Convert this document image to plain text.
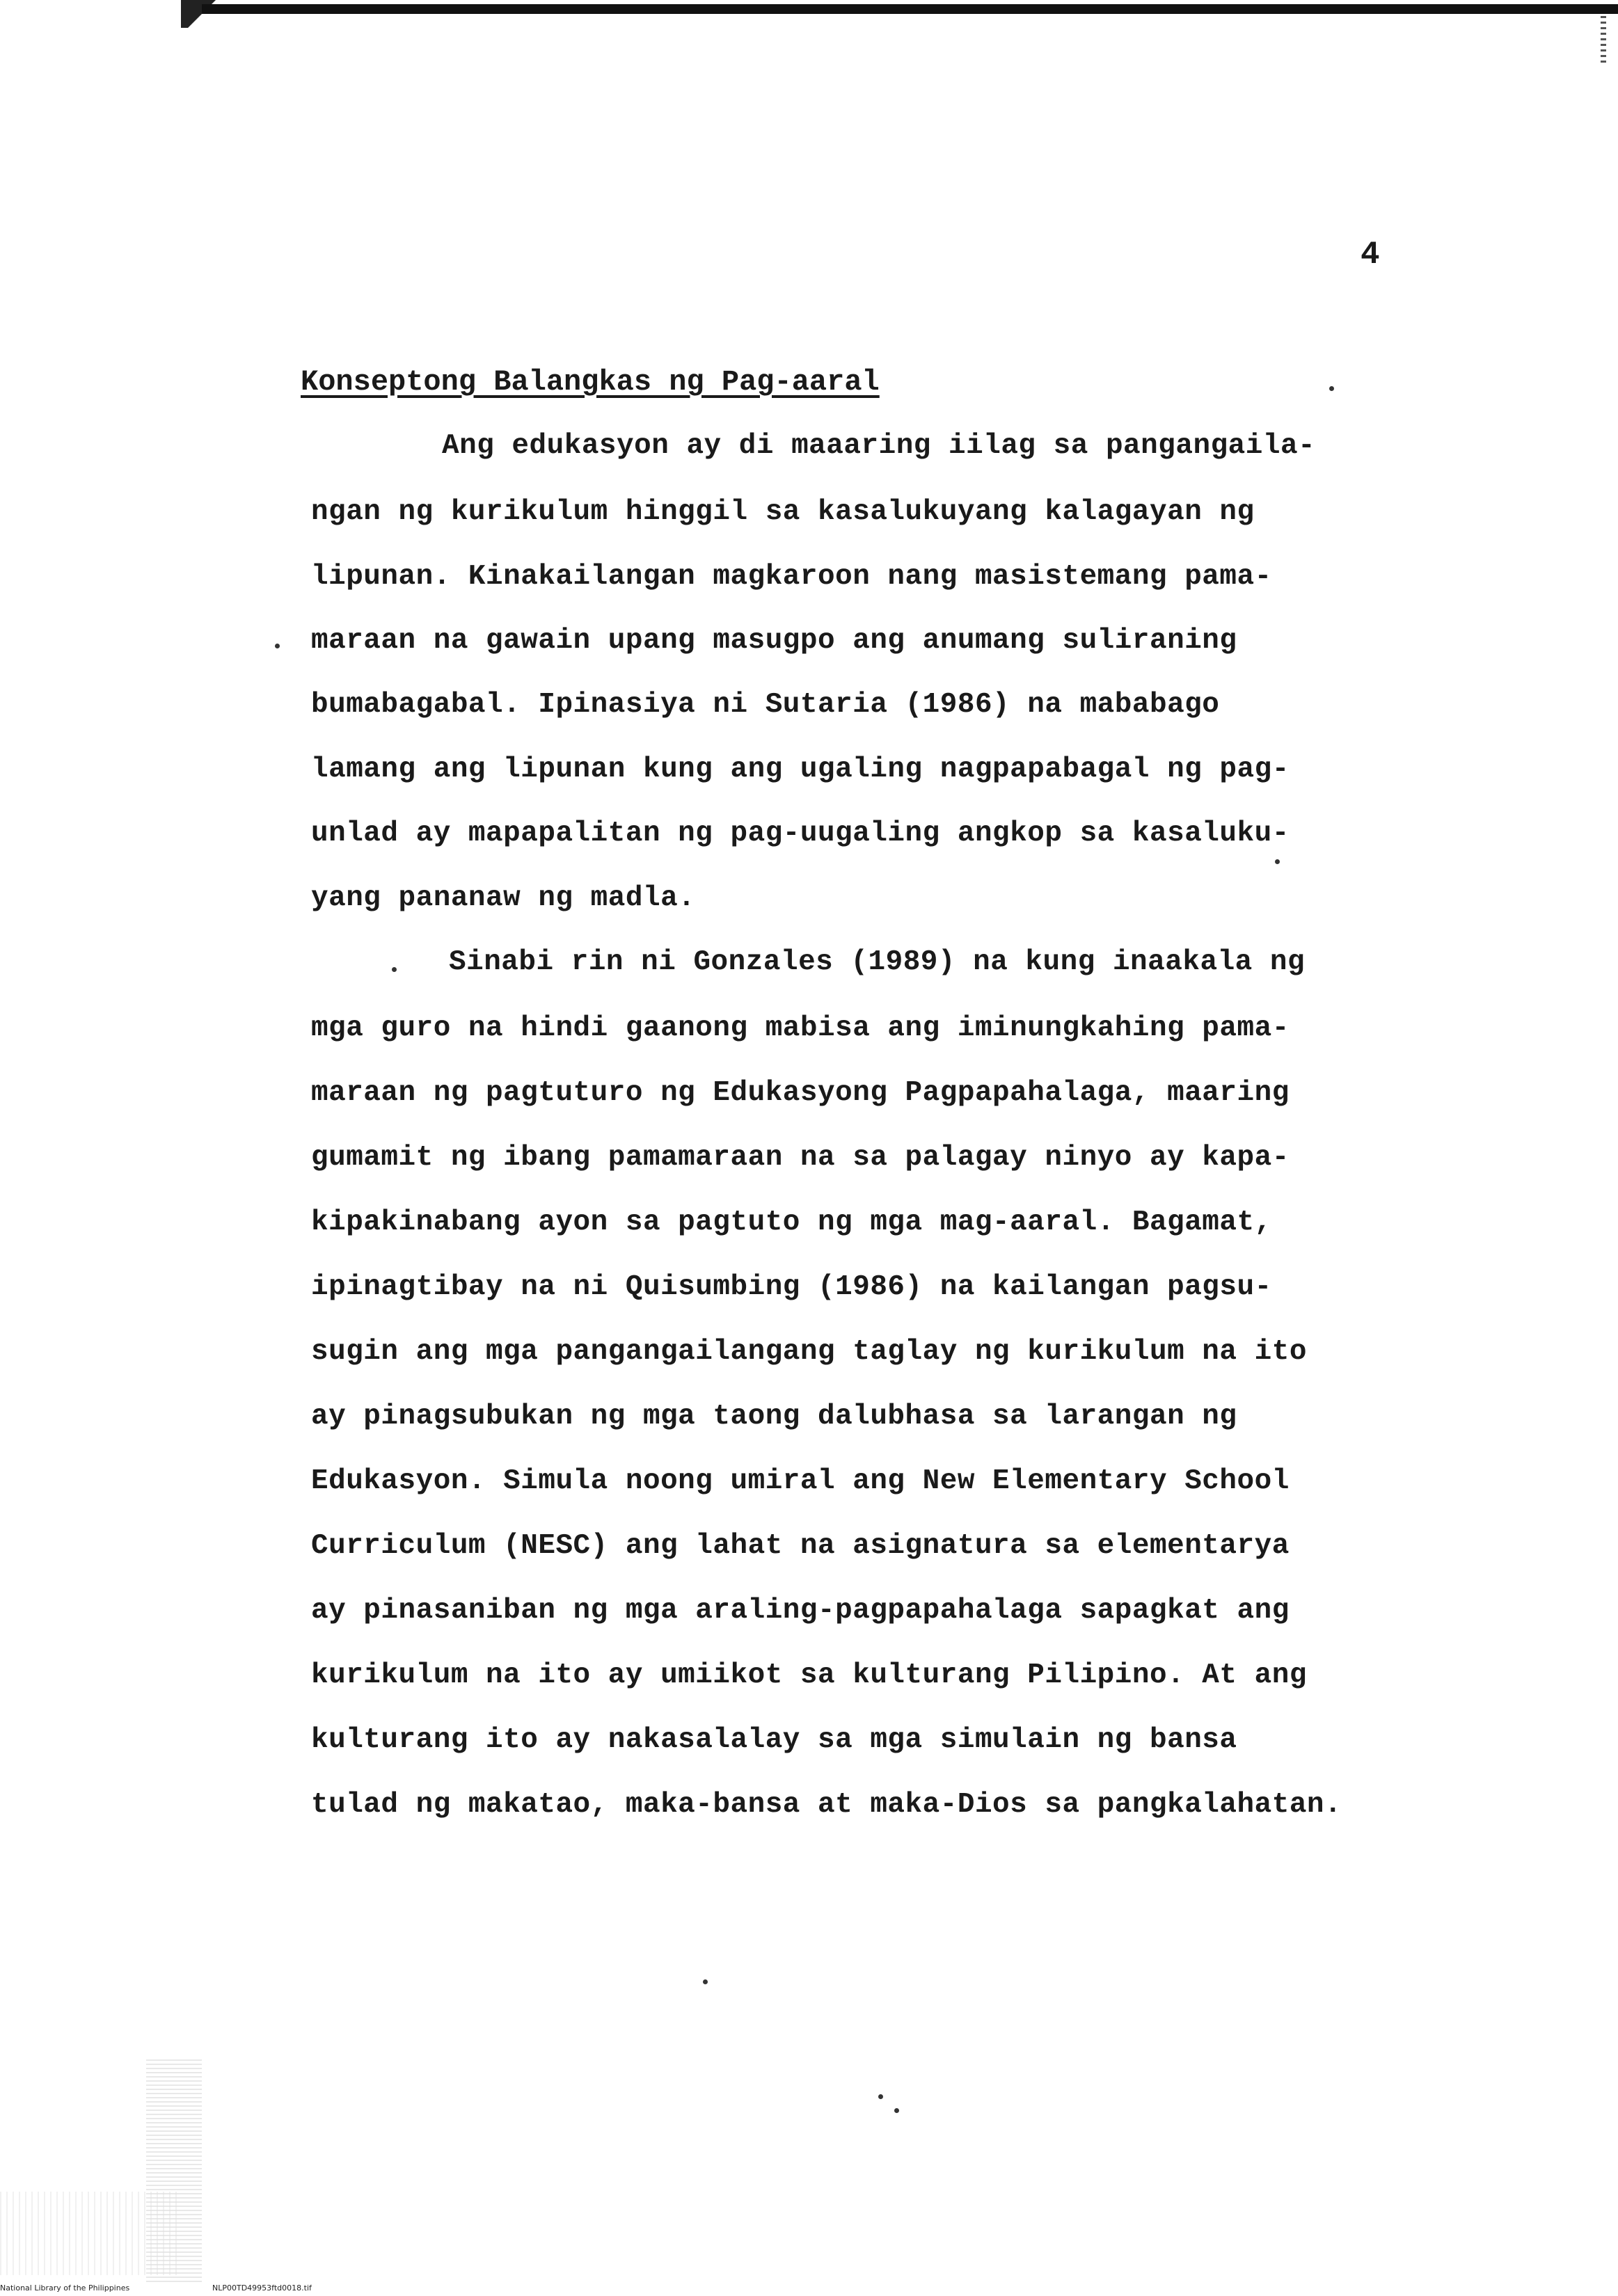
4
Konseptong Balangkas ng Pag-aaral
Ang edukasyon ay di maaaring iilag sa pangangaila-
ngan ng kurikulum hinggil sa kasalukuyang kalagayan ng
lipunan. Kinakailangan magkaroon nang masistemang pama-
maraan na gawain upang masugpo ang anumang suliraning
bumabagabal. Ipinasiya ni Sutaria (1986) na mababago
lamang ang lipunan kung ang ugaling nagpapabagal ng pag-
unlad ay mapapalitan ng pag-uugaling angkop sa kasaluku-
yang pananaw ng madla.
Sinabi rin ni Gonzales (1989) na kung inaakala ng
mga guro na hindi gaanong mabisa ang iminungkahing pama-
maraan ng pagtuturo ng Edukasyong Pagpapahalaga, maaring
gumamit ng ibang pamamaraan na sa palagay ninyo ay kapa-
kipakinabang ayon sa pagtuto ng mga mag-aaral. Bagamat,
ipinagtibay na ni Quisumbing (1986) na kailangan pagsu-
sugin ang mga pangangailangang taglay ng kurikulum na ito
ay pinagsubukan ng mga taong dalubhasa sa larangan ng
Edukasyon. Simula noong umiral ang New Elementary School
Curriculum (NESC) ang lahat na asignatura sa elementarya
ay pinasaniban ng mga araling-pagpapahalaga sapagkat ang
kurikulum na ito ay umiikot sa kulturang Pilipino. At ang
kulturang ito ay nakasalalay sa mga simulain ng bansa
tulad ng makatao, maka-bansa at maka-Dios sa pangkalahatan.
National Library of the Philippines	NLP00TD49953ftd0018.tif
